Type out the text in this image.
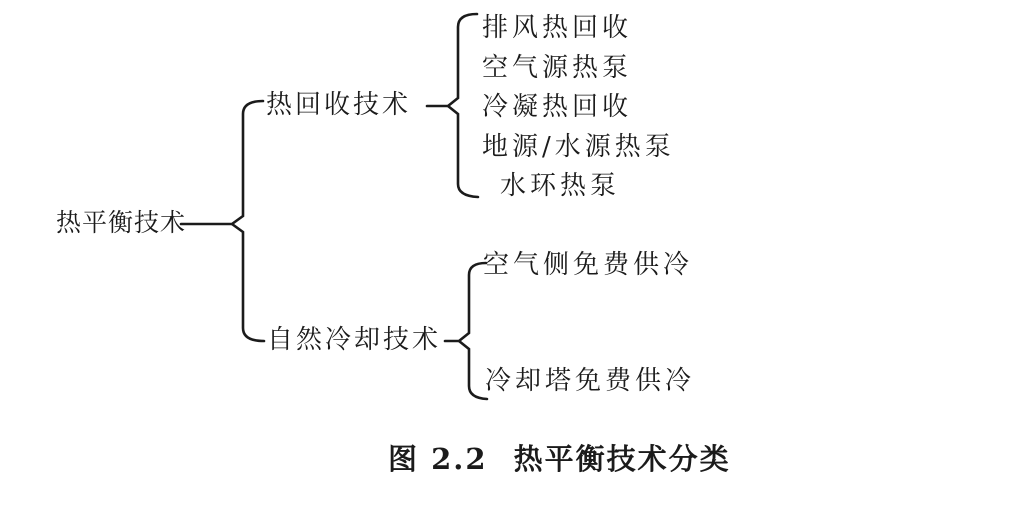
热平衡技术
热回收技术
自然冷却技术
排风热回收
空气源热泵
冷凝热回收
地源/水源热泵
水环热泵
空气侧免费供冷
冷却塔免费供冷
图 2.2 热平衡技术分类
